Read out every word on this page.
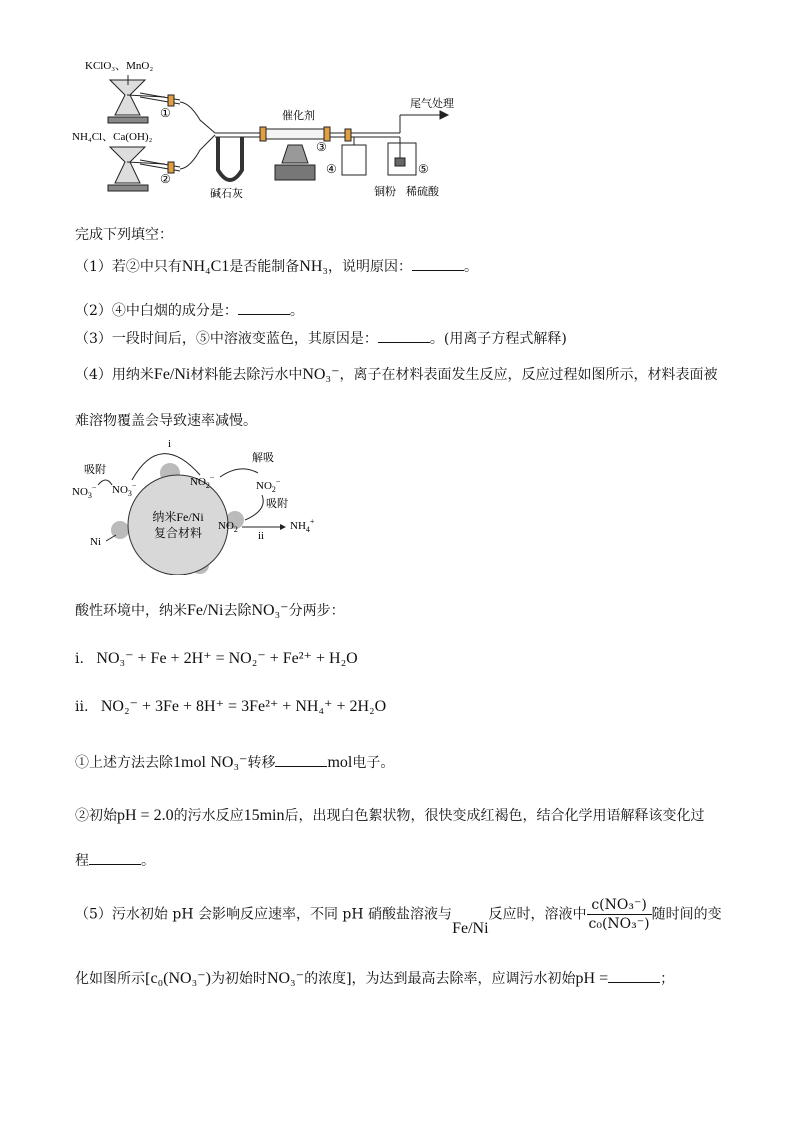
KClO₃、MnO₂
NH₄Cl、Ca(OH)₂
①
②
③
④	⑤
催化剂
尾气处理
碱石灰	铜粉 稀硫酸
完成下列填空：
（1）若②中只有NH₄C1是否能制备NH₃，说明原因：	。
（2）④中白烟的成分是：	。
（3）一段时间后，⑤中溶液变蓝色，其原因是：	。(用离子方程式解释)
（4）用纳米Fe/Ni材料能去除污水中NO₃⁻，离子在材料表面发生反应，反应过程如图所示，材料表面被
难溶物覆盖会导致速率减慢。
纳米Fe/Ni
复合材料
吸附
$NO_3^-$ $NO_3^-$
i
$NO_2^-$
解吸
$NO_2^-$
吸附
$NO_2$
ii
$NH_4^+$
Ni
酸性环境中，纳米Fe/Ni去除NO₃⁻分两步：
i. NO₃⁻ + Fe + 2H⁺ = NO₂⁻ + Fe²⁺ + H₂O
ii. NO₂⁻ + 3Fe + 8H⁺ = 3Fe²⁺ + NH₄⁺ + 2H₂O
①上述方法去除1mol NO₃⁻转移	mol电子。
②初始pH = 2.0的污水反应15min后，出现白色絮状物，很快变成红褐色，结合化学用语解释该变化过
程	。
（5）污水初始 pH 会影响反应速率，不同 pH 硝酸盐溶液与Fe/Ni反应时，溶液中 $\frac{\text{c(NO₃⁻)}}{\text{c₀(NO₃⁻)}}$ 随时间的变
化如图所示[c₀(NO₃⁻)为初始时NO₃⁻的浓度]，为达到最高去除率，应调污水初始pH =	；
